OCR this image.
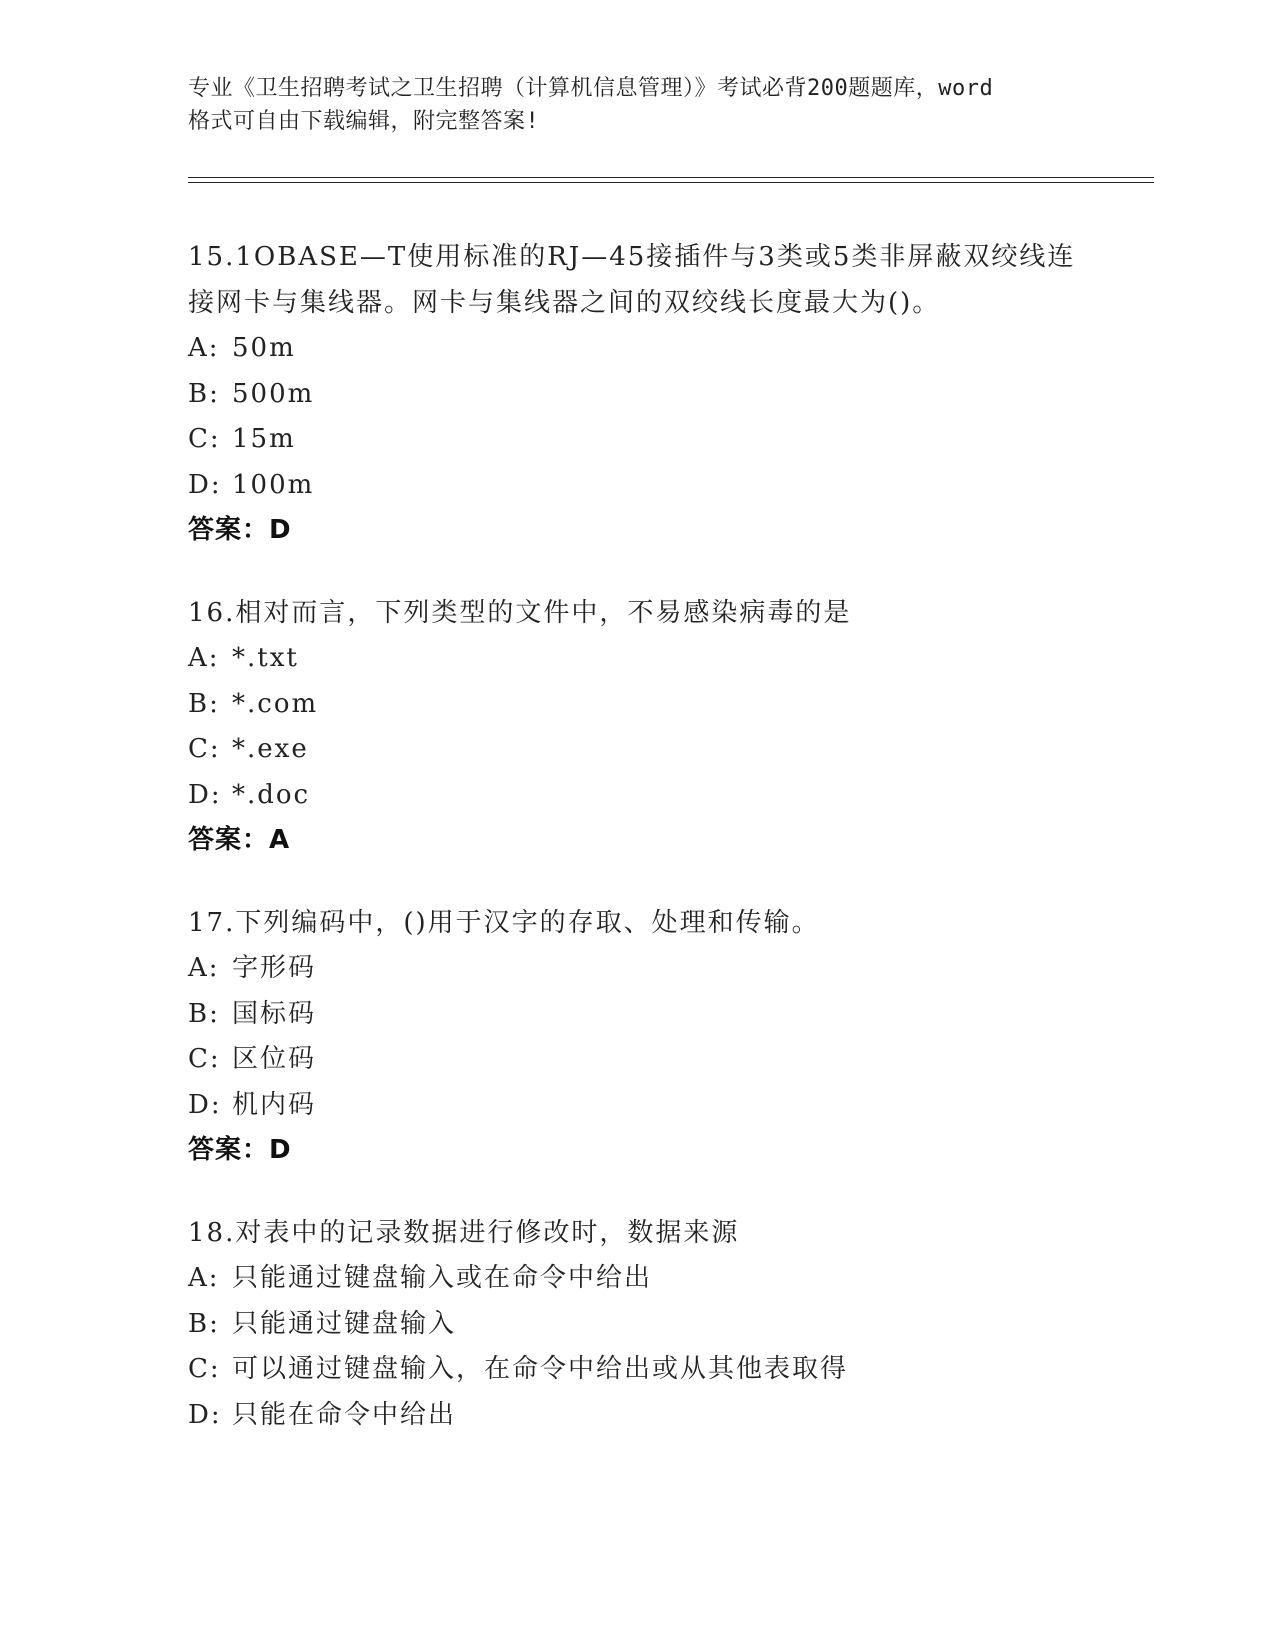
专业《卫生招聘考试之卫生招聘（计算机信息管理）》考试必背200题题库，word
格式可自由下载编辑，附完整答案!

15.1OBASE—T使用标准的RJ—45接插件与3类或5类非屏蔽双绞线连

接网卡与集线器。网卡与集线器之间的双绞线长度最大为()。

A: 50m
B: 500m
C: 15m
D: 100m

答案：D

16.相对而言，下列类型的文件中，不易感染病毒的是

A: *.txt
B: *.com
C: *.exe
D: *.doc

答案：A

17.下列编码中，()用于汉字的存取、处理和传输。

A: 字形码
B: 国标码
C: 区位码
D: 机内码

答案：D

18.对表中的记录数据进行修改时，数据来源

A: 只能通过键盘输入或在命令中给出
B: 只能通过键盘输入
C: 可以通过键盘输入，在命令中给出或从其他表取得
D: 只能在命令中给出
